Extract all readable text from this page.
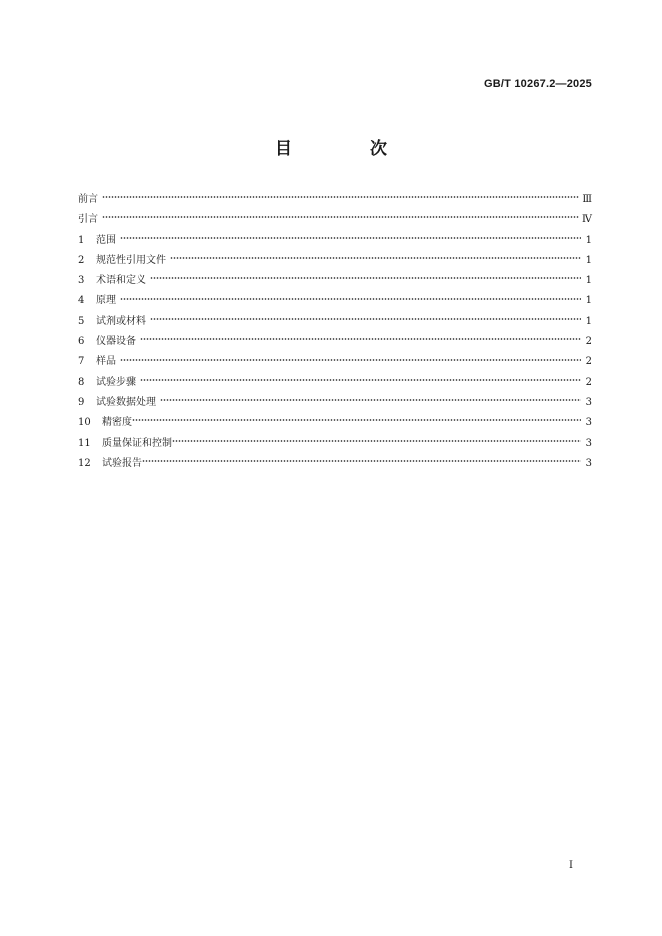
GB/T 10267.2—2025
目 次
前言	Ⅲ
引言	Ⅳ
1	范围	1
2	规范性引用文件	1
3	术语和定义	1
4	原理	1
5	试剂或材料	1
6	仪器设备	2
7	样品	2
8	试验步骤	2
9	试验数据处理	3
10	精密度	3
11	质量保证和控制	3
12	试验报告	3
I
